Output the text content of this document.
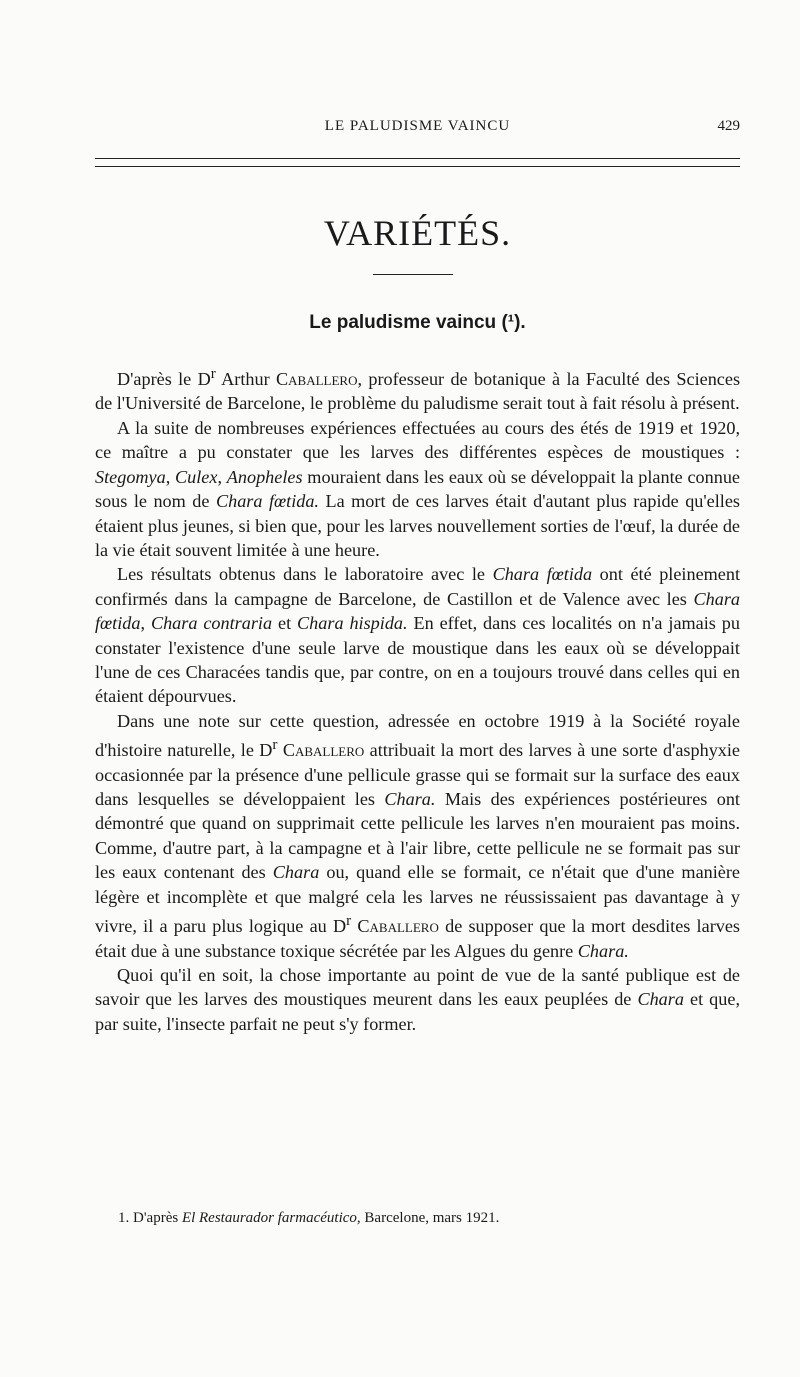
LE PALUDISME VAINCU	429
VARIÉTÉS.
Le paludisme vaincu (¹).

D'après le $D^r$ Arthur Caballero, professeur de botanique à la Faculté des Sciences de l'Université de Barcelone, le problème du paludisme serait tout à fait résolu à présent.

A la suite de nombreuses expériences effectuées au cours des étés de 1919 et 1920, ce maître a pu constater que les larves des différentes espèces de moustiques : Stegomya, Culex, Anopheles mouraient dans les eaux où se développait la plante connue sous le nom de Chara fœtida. La mort de ces larves était d'autant plus rapide qu'elles étaient plus jeunes, si bien que, pour les larves nouvellement sorties de l'œuf, la durée de la vie était souvent limitée à une heure.

Les résultats obtenus dans le laboratoire avec le Chara fœtida ont été pleinement confirmés dans la campagne de Barcelone, de Castillon et de Valence avec les Chara fœtida, Chara contraria et Chara hispida. En effet, dans ces localités on n'a jamais pu constater l'existence d'une seule larve de moustique dans les eaux où se développait l'une de ces Characées tandis que, par contre, on en a toujours trouvé dans celles qui en étaient dépourvues.

Dans une note sur cette question, adressée en octobre 1919 à la Société royale d'histoire naturelle, le $D^r$ Caballero attribuait la mort des larves à une sorte d'asphyxie occasionnée par la présence d'une pellicule grasse qui se formait sur la surface des eaux dans lesquelles se développaient les Chara. Mais des expériences postérieures ont démontré que quand on supprimait cette pellicule les larves n'en mouraient pas moins. Comme, d'autre part, à la campagne et à l'air libre, cette pellicule ne se formait pas sur les eaux contenant des Chara ou, quand elle se formait, ce n'était que d'une manière légère et incomplète et que malgré cela les larves ne réussissaient pas davantage à y vivre, il a paru plus logique au $D^r$ Caballero de supposer que la mort desdites larves était due à une substance toxique sécrétée par les Algues du genre Chara.

Quoi qu'il en soit, la chose importante au point de vue de la santé publique est de savoir que les larves des moustiques meurent dans les eaux peuplées de Chara et que, par suite, l'insecte parfait ne peut s'y former.

1. D'après El Restaurador farmacéutico, Barcelone, mars 1921.
